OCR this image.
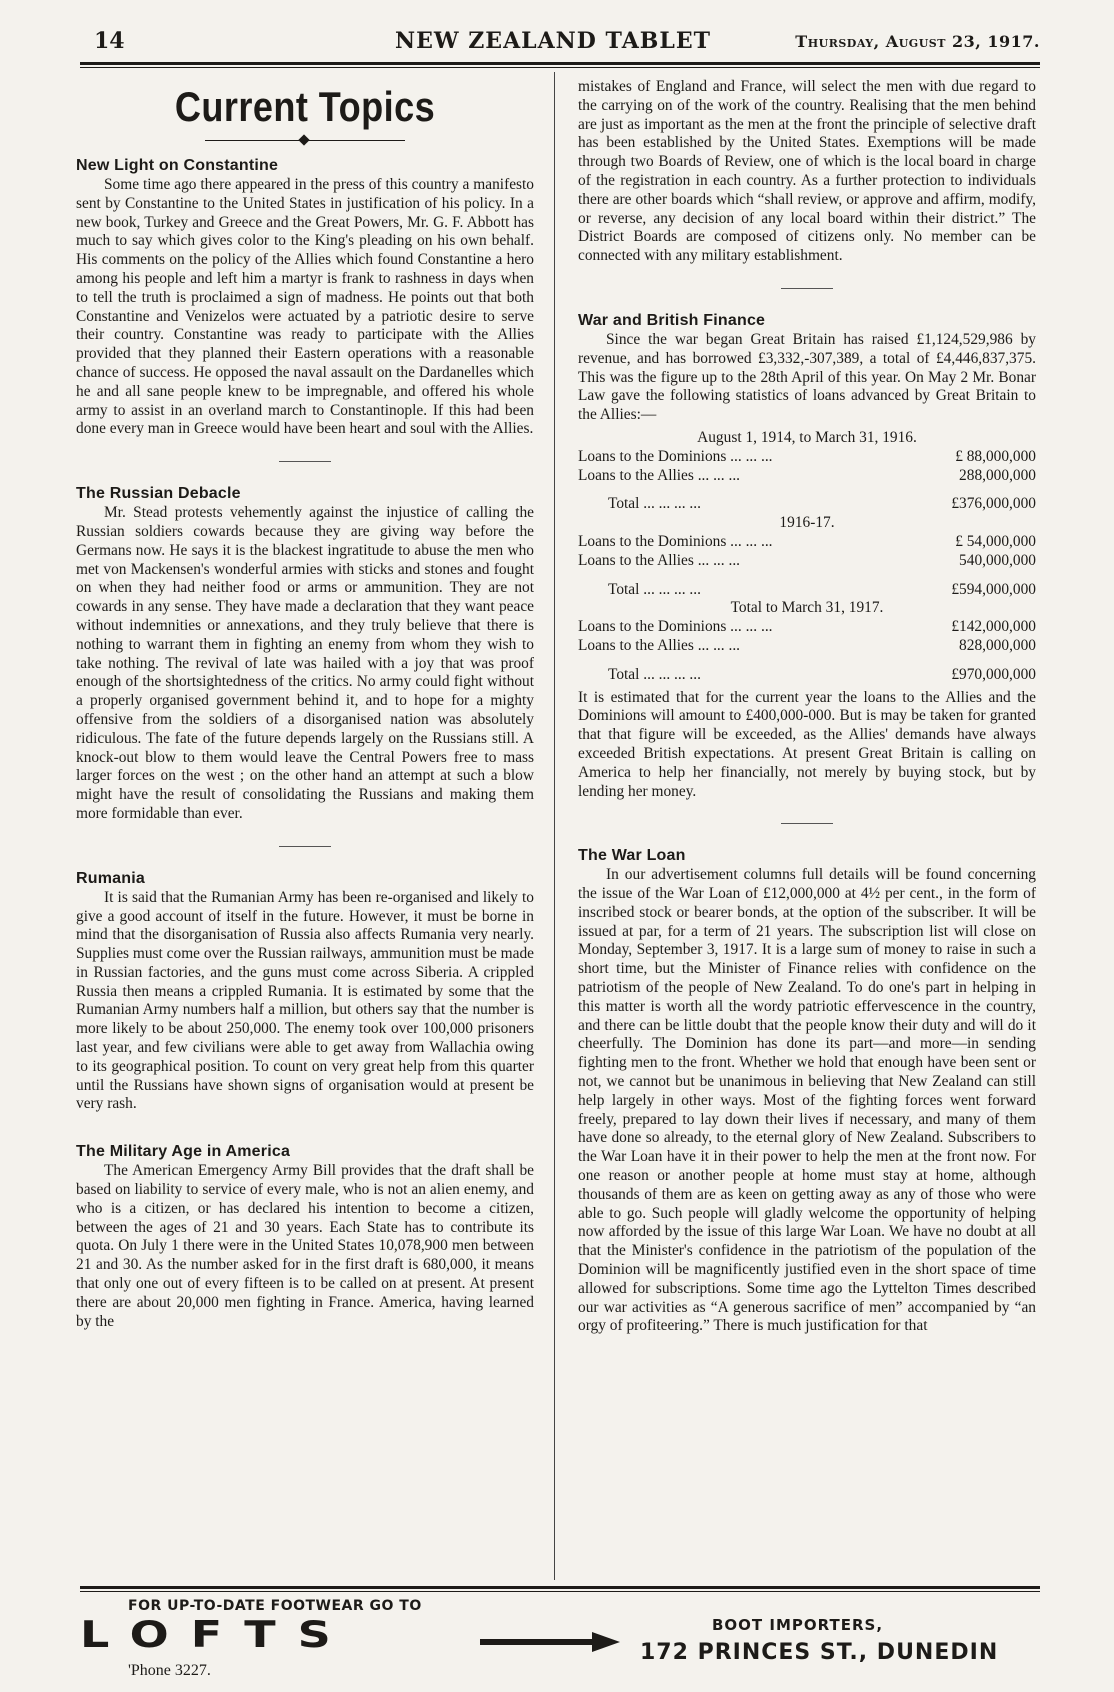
14	NEW ZEALAND TABLET	Thursday, August 23, 1917.
Current Topics
New Light on Constantine

Some time ago there appeared in the press of this country a manifesto sent by Constantine to the United States in justification of his policy. In a new book, Turkey and Greece and the Great Powers, Mr. G. F. Abbott has much to say which gives color to the King's pleading on his own behalf. His comments on the policy of the Allies which found Constantine a hero among his people and left him a martyr is frank to rashness in days when to tell the truth is proclaimed a sign of madness. He points out that both Constantine and Venizelos were actuated by a patriotic desire to serve their country. Constantine was ready to participate with the Allies provided that they planned their Eastern operations with a reasonable chance of success. He opposed the naval assault on the Dardanelles which he and all sane people knew to be impregnable, and offered his whole army to assist in an overland march to Constantinople. If this had been done every man in Greece would have been heart and soul with the Allies.

The Russian Debacle

Mr. Stead protests vehemently against the injustice of calling the Russian soldiers cowards because they are giving way before the Germans now. He says it is the blackest ingratitude to abuse the men who met von Mackensen's wonderful armies with sticks and stones and fought on when they had neither food or arms or ammunition. They are not cowards in any sense. They have made a declaration that they want peace without indemnities or annexations, and they truly believe that there is nothing to warrant them in fighting an enemy from whom they wish to take nothing. The revival of late was hailed with a joy that was proof enough of the shortsightedness of the critics. No army could fight without a properly organised government behind it, and to hope for a mighty offensive from the soldiers of a disorganised nation was absolutely ridiculous. The fate of the future depends largely on the Russians still. A knock-out blow to them would leave the Central Powers free to mass larger forces on the west ; on the other hand an attempt at such a blow might have the result of consolidating the Russians and making them more formidable than ever.

Rumania

It is said that the Rumanian Army has been re-organised and likely to give a good account of itself in the future. However, it must be borne in mind that the disorganisation of Russia also affects Rumania very nearly. Supplies must come over the Russian railways, ammunition must be made in Russian factories, and the guns must come across Siberia. A crippled Russia then means a crippled Rumania. It is estimated by some that the Rumanian Army numbers half a million, but others say that the number is more likely to be about 250,000. The enemy took over 100,000 prisoners last year, and few civilians were able to get away from Wallachia owing to its geographical position. To count on very great help from this quarter until the Russians have shown signs of organisation would at present be very rash.

The Military Age in America

The American Emergency Army Bill provides that the draft shall be based on liability to service of every male, who is not an alien enemy, and who is a citizen, or has declared his intention to become a citizen, between the ages of 21 and 30 years. Each State has to contribute its quota. On July 1 there were in the United States 10,078,900 men between 21 and 30. As the number asked for in the first draft is 680,000, it means that only one out of every fifteen is to be called on at present. At present there are about 20,000 men fighting in France. America, having learned by the

mistakes of England and France, will select the men with due regard to the carrying on of the work of the country. Realising that the men behind are just as important as the men at the front the principle of selective draft has been established by the United States. Exemptions will be made through two Boards of Review, one of which is the local board in charge of the registration in each country. As a further protection to individuals there are other boards which “shall review, or approve and affirm, modify, or reverse, any decision of any local board within their district.” The District Boards are composed of citizens only. No member can be connected with any military establishment.

War and British Finance

Since the war began Great Britain has raised £1,124,529,986 by revenue, and has borrowed £3,332,-307,389, a total of £4,446,837,375. This was the figure up to the 28th April of this year. On May 2 Mr. Bonar Law gave the following statistics of loans advanced by Great Britain to the Allies:—

August 1, 1914, to March 31, 1916.
Loans to the Dominions ... ... ...	£ 88,000,000
Loans to the Allies ... ... ...	288,000,000
Total ... ... ... ...	£376,000,000
1916-17.
Loans to the Dominions ... ... ...	£ 54,000,000
Loans to the Allies ... ... ...	540,000,000
Total ... ... ... ...	£594,000,000
Total to March 31, 1917.
Loans to the Dominions ... ... ...	£142,000,000
Loans to the Allies ... ... ...	828,000,000
Total ... ... ... ...	£970,000,000

It is estimated that for the current year the loans to the Allies and the Dominions will amount to £400,000-000. But is may be taken for granted that that figure will be exceeded, as the Allies' demands have always exceeded British expectations. At present Great Britain is calling on America to help her financially, not merely by buying stock, but by lending her money.

The War Loan

In our advertisement columns full details will be found concerning the issue of the War Loan of £12,000,000 at 4½ per cent., in the form of inscribed stock or bearer bonds, at the option of the subscriber. It will be issued at par, for a term of 21 years. The subscription list will close on Monday, September 3, 1917. It is a large sum of money to raise in such a short time, but the Minister of Finance relies with confidence on the patriotism of the people of New Zealand. To do one's part in helping in this matter is worth all the wordy patriotic effervescence in the country, and there can be little doubt that the people know their duty and will do it cheerfully. The Dominion has done its part—and more—in sending fighting men to the front. Whether we hold that enough have been sent or not, we cannot but be unanimous in believing that New Zealand can still help largely in other ways. Most of the fighting forces went forward freely, prepared to lay down their lives if necessary, and many of them have done so already, to the eternal glory of New Zealand. Subscribers to the War Loan have it in their power to help the men at the front now. For one reason or another people at home must stay at home, although thousands of them are as keen on getting away as any of those who were able to go. Such people will gladly welcome the opportunity of helping now afforded by the issue of this large War Loan. We have no doubt at all that the Minister's confidence in the patriotism of the population of the Dominion will be magnificently justified even in the short space of time allowed for subscriptions. Some time ago the Lyttelton Times described our war activities as “A generous sacrifice of men” accompanied by “an orgy of profiteering.” There is much justification for that

FOR UP-TO-DATE FOOTWEAR GO TO
LOFTS
'Phone 3227.
BOOT IMPORTERS,
172 PRINCES ST., DUNEDIN
